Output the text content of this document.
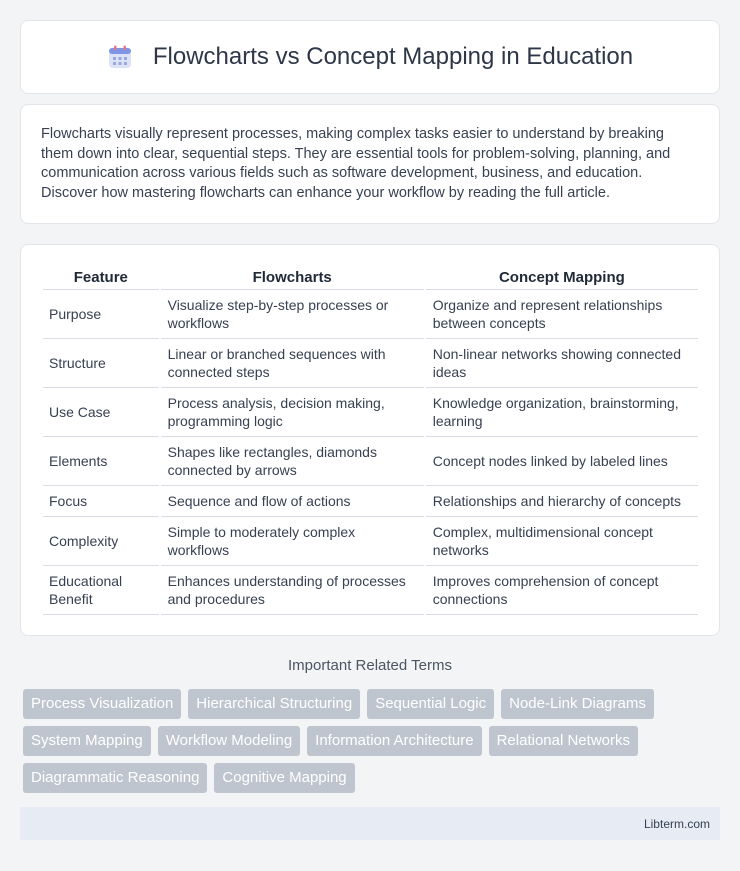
Flowcharts vs Concept Mapping in Education

Flowcharts visually represent processes, making complex tasks easier to understand by breaking them down into clear, sequential steps. They are essential tools for problem-solving, planning, and communication across various fields such as software development, business, and education. Discover how mastering flowcharts can enhance your workflow by reading the full article.

Feature		Flowcharts		Concept Mapping
Purpose		Visualize step-by-step processes or workflows		Organize and represent relationships between concepts
Structure		Linear or branched sequences with connected steps		Non-linear networks showing connected ideas
Use Case		Process analysis, decision making, programming logic		Knowledge organization, brainstorming, learning
Elements		Shapes like rectangles, diamonds connected by arrows		Concept nodes linked by labeled lines
Focus		Sequence and flow of actions		Relationships and hierarchy of concepts
Complexity		Simple to moderately complex workflows		Complex, multidimensional concept networks
Educational Benefit		Enhances understanding of processes and procedures		Improves comprehension of concept connections
Important Related Terms
Process Visualization	Hierarchical Structuring	Sequential Logic	Node-Link Diagrams
System Mapping	Workflow Modeling	Information Architecture	Relational Networks
Diagrammatic Reasoning	Cognitive Mapping
Libterm.com
